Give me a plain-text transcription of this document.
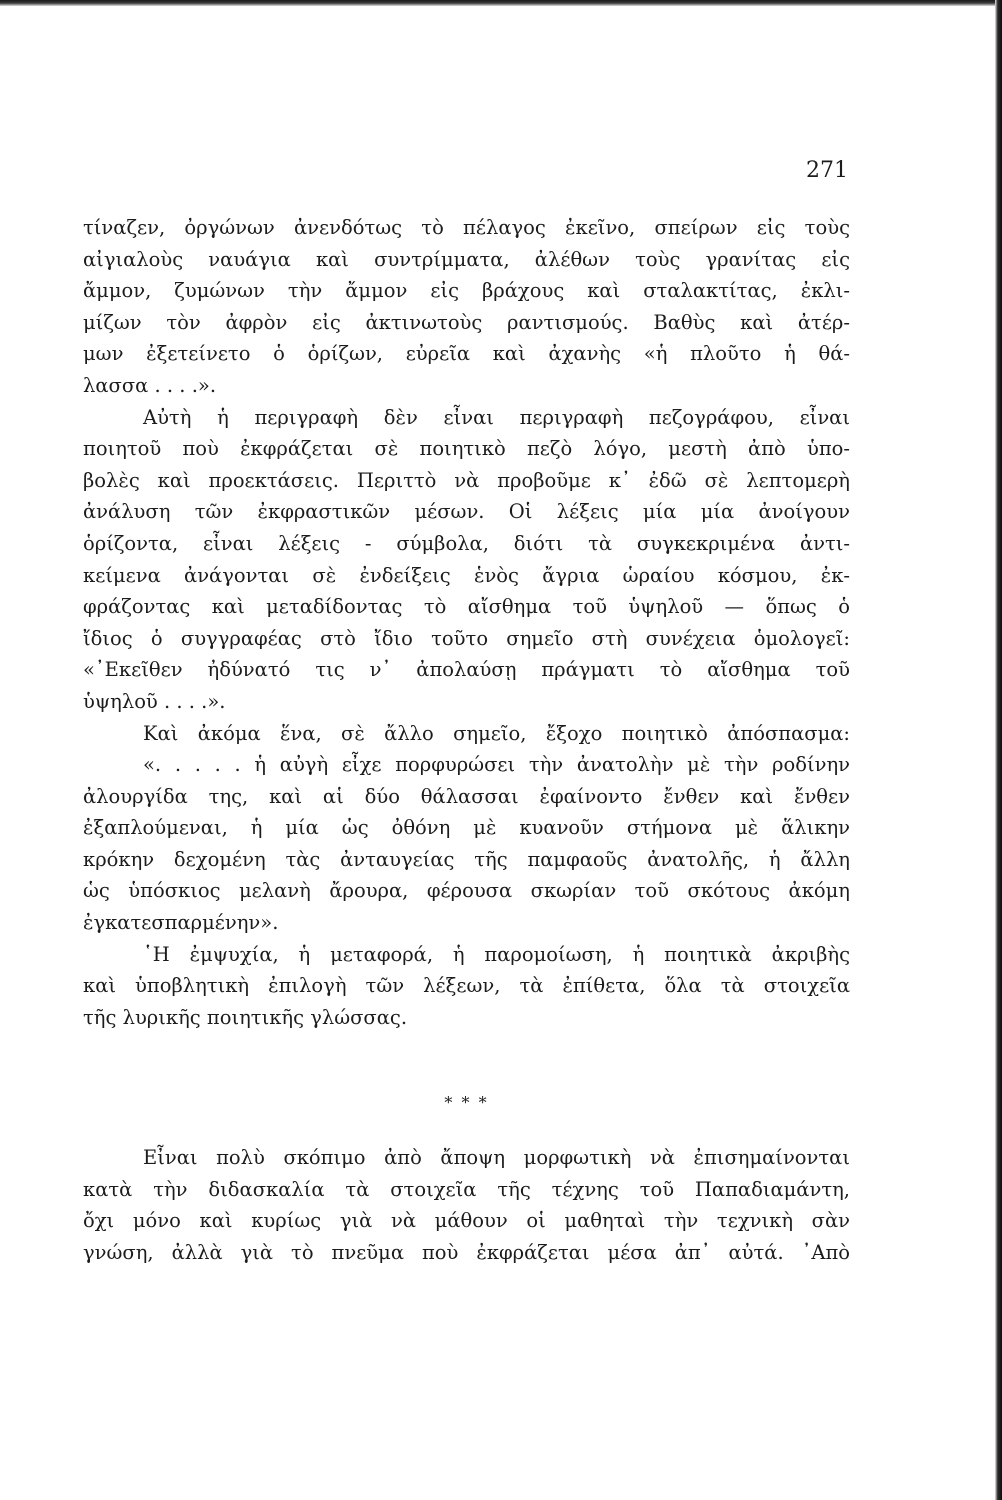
271
τίναζεν, ὀργώνων ἀνενδότως τὸ πέλαγος ἐκεῖνο, σπείρων εἰς τοὺς
αἰγιαλοὺς ναυάγια καὶ συντρίμματα, ἀλέθων τοὺς γρανίτας εἰς
ἄμμον, ζυμώνων τὴν ἄμμον εἰς βράχους καὶ σταλακτίτας, ἐκλι-
μίζων τὸν ἀφρὸν εἰς ἀκτινωτοὺς ραντισμούς. Βαθὺς καὶ ἀτέρ-
μων ἐξετείνετο ὁ ὁρίζων, εὐρεῖα καὶ ἀχανὴς «ἡ πλοῦτο ἡ θά-
λασσα . . . .».
Αὐτὴ ἡ περιγραφὴ δὲν εἶναι περιγραφὴ πεζογράφου, εἶναι
ποιητοῦ ποὺ ἐκφράζεται σὲ ποιητικὸ πεζὸ λόγο, μεστὴ ἀπὸ ὑπο-
βολὲς καὶ προεκτάσεις. Περιττὸ νὰ προβοῦμε κ᾿ ἐδῶ σὲ λεπτομερὴ
ἀνάλυση τῶν ἐκφραστικῶν μέσων. Οἱ λέξεις μία μία ἀνοίγουν
ὁρίζοντα, εἶναι λέξεις - σύμβολα, διότι τὰ συγκεκριμένα ἀντι-
κείμενα ἀνάγονται σὲ ἐνδείξεις ἑνὸς ἄγρια ὡραίου κόσμου, ἐκ-
φράζοντας καὶ μεταδίδοντας τὸ αἴσθημα τοῦ ὑψηλοῦ — ὅπως ὁ
ἴδιος ὁ συγγραφέας στὸ ἴδιο τοῦτο σημεῖο στὴ συνέχεια ὁμολογεῖ:
«᾿Εκεῖθεν ἠδύνατό τις ν᾿ ἀπολαύσῃ πράγματι τὸ αἴσθημα τοῦ
ὑψηλοῦ . . . .».
Καὶ ἀκόμα ἕνα, σὲ ἄλλο σημεῖο, ἔξοχο ποιητικὸ ἀπόσπασμα:
«. . . . . ἡ αὐγὴ εἶχε πορφυρώσει τὴν ἀνατολὴν μὲ τὴν ροδίνην
ἀλουργίδα της, καὶ αἱ δύο θάλασσαι ἐφαίνοντο ἔνθεν καὶ ἔνθεν
ἐξαπλούμεναι, ἡ μία ὡς ὀθόνη μὲ κυανοῦν στήμονα μὲ ἅλικην
κρόκην δεχομένη τὰς ἀνταυγείας τῆς παμφαοῦς ἀνατολῆς, ἡ ἄλλη
ὡς ὑπόσκιος μελανὴ ἄρουρα, φέρουσα σκωρίαν τοῦ σκότους ἀκόμη
ἐγκατεσπαρμένην».
῾Η ἐμψυχία, ἡ μεταφορά, ἡ παρομοίωση, ἡ ποιητικὰ ἀκριβὴς
καὶ ὑποβλητικὴ ἐπιλογὴ τῶν λέξεων, τὰ ἐπίθετα, ὅλα τὰ στοιχεῖα
τῆς λυρικῆς ποιητικῆς γλώσσας.
* * *
Εἶναι πολὺ σκόπιμο ἀπὸ ἄποψη μορφωτικὴ νὰ ἐπισημαίνονται
κατὰ τὴν διδασκαλία τὰ στοιχεῖα τῆς τέχνης τοῦ Παπαδιαμάντη,
ὄχι μόνο καὶ κυρίως γιὰ νὰ μάθουν οἱ μαθηταὶ τὴν τεχνικὴ σὰν
γνώση, ἀλλὰ γιὰ τὸ πνεῦμα ποὺ ἐκφράζεται μέσα ἀπ᾿ αὐτά. ᾿Απὸ
